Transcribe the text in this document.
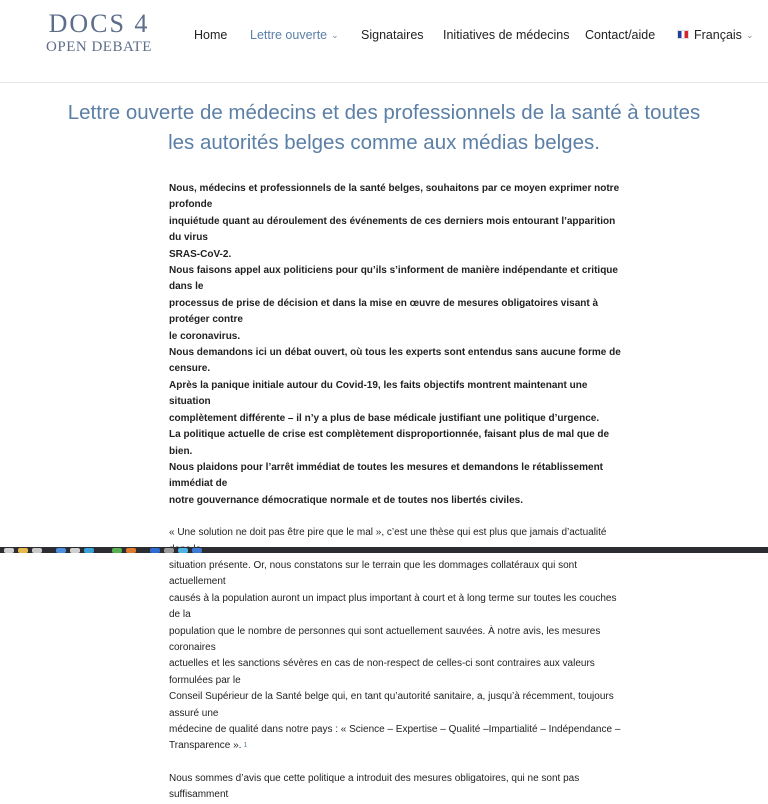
DOCS 4
OPEN DEBATE
Home Lettre ouverte ⌄ Signataires Initiatives de médecins Contact/aide	Français ⌄
Lettre ouverte de médecins et des professionnels de la santé à toutes les autorités belges comme aux médias belges.

Nous, médecins et professionnels de la santé belges, souhaitons par ce moyen exprimer notre profonde

inquiétude quant au déroulement des événements de ces derniers mois entourant l’apparition du virus

SRAS-CoV-2.

Nous faisons appel aux politiciens pour qu’ils s’informent de manière indépendante et critique dans le

processus de prise de décision et dans la mise en œuvre de mesures obligatoires visant à protéger contre

le coronavirus.

Nous demandons ici un débat ouvert, où tous les experts sont entendus sans aucune forme de censure.

Après la panique initiale autour du Covid-19, les faits objectifs montrent maintenant une situation

complètement différente – il n’y a plus de base médicale justifiant une politique d’urgence.

La politique actuelle de crise est complètement disproportionnée, faisant plus de mal que de bien.

Nous plaidons pour l’arrêt immédiat de toutes les mesures et demandons le rétablissement immédiat de

notre gouvernance démocratique normale et de toutes nos libertés civiles.

« Une solution ne doit pas être pire que le mal », c’est une thèse qui est plus que jamais d’actualité

situation présente. Or, nous constatons sur le terrain que les dommages collatéraux qui sont actuellement

causés à la population auront un impact plus important à court et à long terme sur toutes les couches de la

population que le nombre de personnes qui sont actuellement sauvées. À notre avis, les mesures coronaires

actuelles et les sanctions sévères en cas de non-respect de celles-ci sont contraires aux valeurs formulées par le

Conseil Supérieur de la Santé belge qui, en tant qu’autorité sanitaire, a, jusqu’à récemment, toujours assuré une

médecine de qualité dans notre pays : « Science – Expertise – Qualité –Impartialité – Indépendance –

Transparence ». $^1$

Nous sommes d’avis que cette politique a introduit des mesures obligatoires, qui ne sont pas suffisamment
